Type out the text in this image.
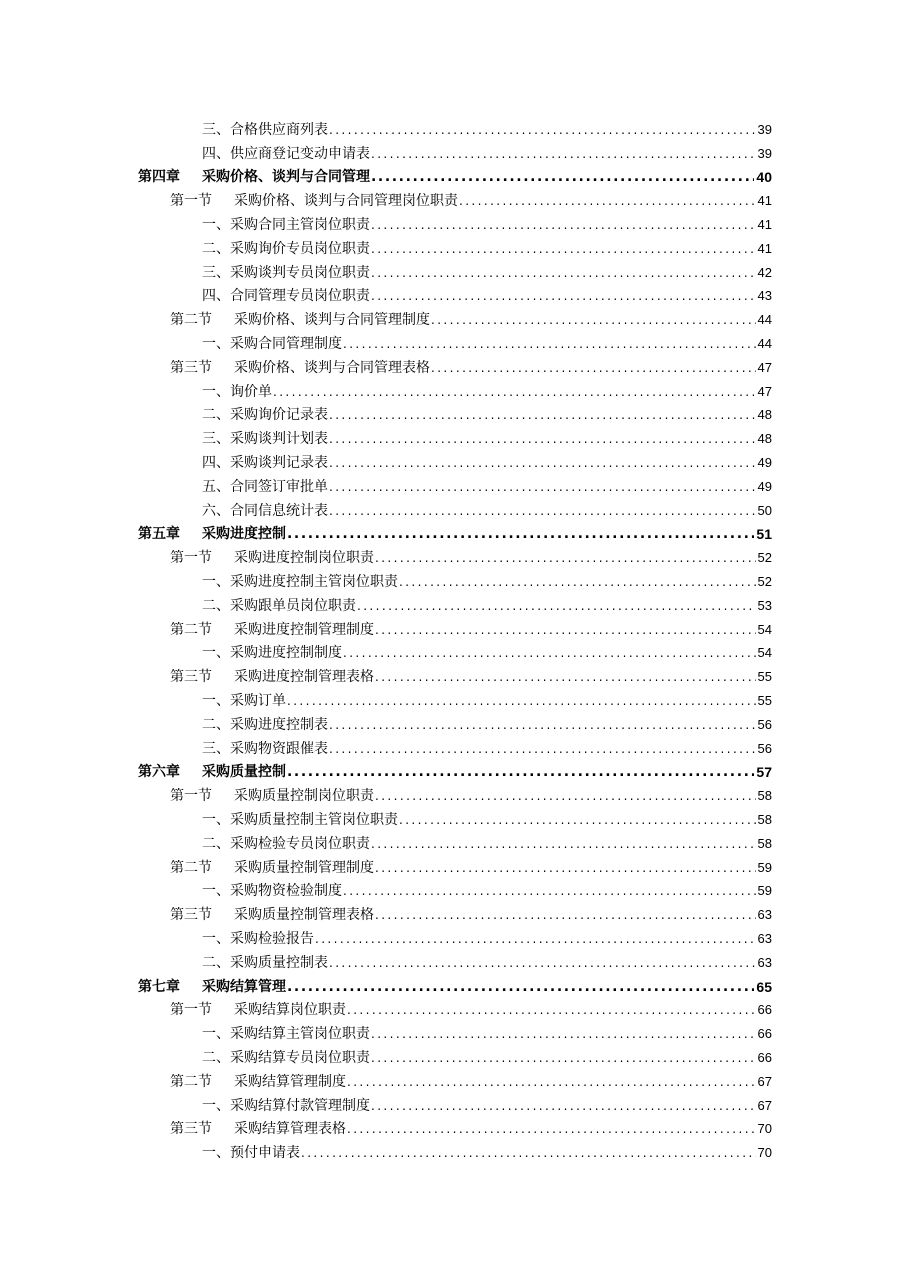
三、合格供应商列表 .....	39
四、供应商登记变动申请表 .....	39
第四章 采购价格、谈判与合同管理 .....	40
第一节 采购价格、谈判与合同管理岗位职责 .....	41
一、采购合同主管岗位职责 .....	41
二、采购询价专员岗位职责 .....	41
三、采购谈判专员岗位职责 .....	42
四、合同管理专员岗位职责 .....	43
第二节 采购价格、谈判与合同管理制度 .....	44
一、采购合同管理制度 .....	44
第三节 采购价格、谈判与合同管理表格 .....	47
一、询价单 .....	47
二、采购询价记录表 .....	48
三、采购谈判计划表 .....	48
四、采购谈判记录表 .....	49
五、合同签订审批单 .....	49
六、合同信息统计表 .....	50
第五章 采购进度控制 .....	51
第一节 采购进度控制岗位职责 .....	52
一、采购进度控制主管岗位职责 .....	52
二、采购跟单员岗位职责 .....	53
第二节 采购进度控制管理制度 .....	54
一、采购进度控制制度 .....	54
第三节 采购进度控制管理表格 .....	55
一、采购订单 .....	55
二、采购进度控制表 .....	56
三、采购物资跟催表 .....	56
第六章 采购质量控制 .....	57
第一节 采购质量控制岗位职责 .....	58
一、采购质量控制主管岗位职责 .....	58
二、采购检验专员岗位职责 .....	58
第二节 采购质量控制管理制度 .....	59
一、采购物资检验制度 .....	59
第三节 采购质量控制管理表格 .....	63
一、采购检验报告 .....	63
二、采购质量控制表 .....	63
第七章 采购结算管理 .....	65
第一节 采购结算岗位职责 .....	66
一、采购结算主管岗位职责 .....	66
二、采购结算专员岗位职责 .....	66
第二节 采购结算管理制度 .....	67
一、采购结算付款管理制度 .....	67
第三节 采购结算管理表格 .....	70
一、预付申请表 .....	70
